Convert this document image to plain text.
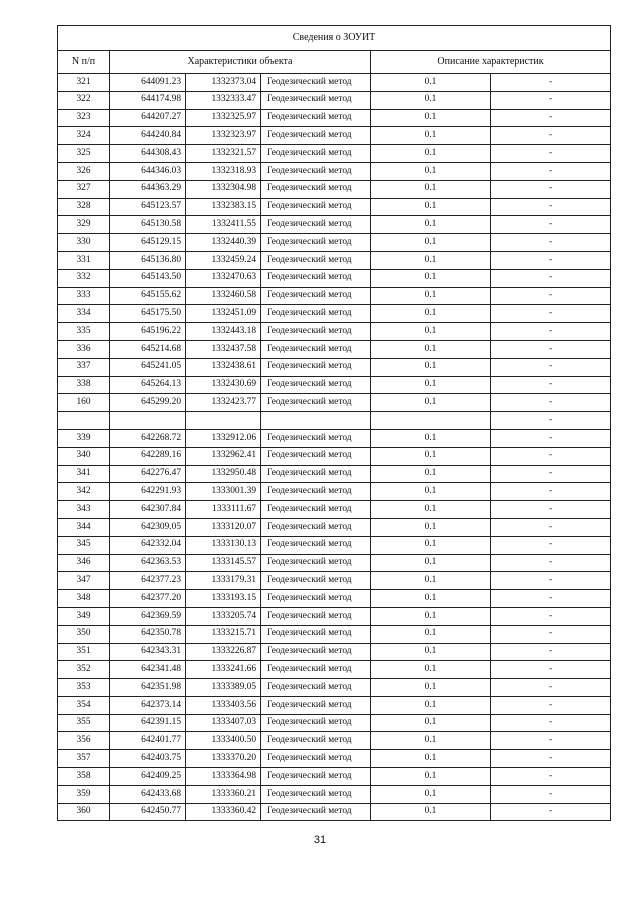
Сведения о ЗОУИТ					
N п/п	Характеристики объекта			Описание характеристик	
321	644091.23	1332373.04	Геодезический метод	0.1	-
322	644174.98	1332333.47	Геодезический метод	0.1	-
323	644207.27	1332325.97	Геодезический метод	0.1	-
324	644240.84	1332323.97	Геодезический метод	0.1	-
325	644308.43	1332321.57	Геодезический метод	0.1	-
326	644346.03	1332318.93	Геодезический метод	0.1	-
327	644363.29	1332304.98	Геодезический метод	0.1	-
328	645123.57	1332383.15	Геодезический метод	0.1	-
329	645130.58	1332411.55	Геодезический метод	0.1	-
330	645129.15	1332440.39	Геодезический метод	0.1	-
331	645136.80	1332459.24	Геодезический метод	0.1	-
332	645143.50	1332470.63	Геодезический метод	0.1	-
333	645155.62	1332460.58	Геодезический метод	0.1	-
334	645175.50	1332451.09	Геодезический метод	0.1	-
335	645196.22	1332443.18	Геодезический метод	0.1	-
336	645214.68	1332437.58	Геодезический метод	0.1	-
337	645241.05	1332438.61	Геодезический метод	0.1	-
338	645264.13	1332430.69	Геодезический метод	0.1	-
160	645299.20	1332423.77	Геодезический метод	0.1	-
					-
339	642268.72	1332912.06	Геодезический метод	0.1	-
340	642289.16	1332962.41	Геодезический метод	0.1	-
341	642276.47	1332950.48	Геодезический метод	0.1	-
342	642291.93	1333001.39	Геодезический метод	0.1	-
343	642307.84	1333111.67	Геодезический метод	0.1	-
344	642309.05	1333120.07	Геодезический метод	0.1	-
345	642332.04	1333130.13	Геодезический метод	0.1	-
346	642363.53	1333145.57	Геодезический метод	0.1	-
347	642377.23	1333179.31	Геодезический метод	0.1	-
348	642377.20	1333193.15	Геодезический метод	0.1	-
349	642369.59	1333205.74	Геодезический метод	0.1	-
350	642350.78	1333215.71	Геодезический метод	0.1	-
351	642343.31	1333226.87	Геодезический метод	0.1	-
352	642341.48	1333241.66	Геодезический метод	0.1	-
353	642351.98	1333389.05	Геодезический метод	0.1	-
354	642373.14	1333403.56	Геодезический метод	0.1	-
355	642391.15	1333407.03	Геодезический метод	0.1	-
356	642401.77	1333400.50	Геодезический метод	0.1	-
357	642403.75	1333370.20	Геодезический метод	0.1	-
358	642409.25	1333364.98	Геодезический метод	0.1	-
359	642433.68	1333360.21	Геодезический метод	0.1	-
360	642450.77	1333360.42	Геодезический метод	0.1	-
31
